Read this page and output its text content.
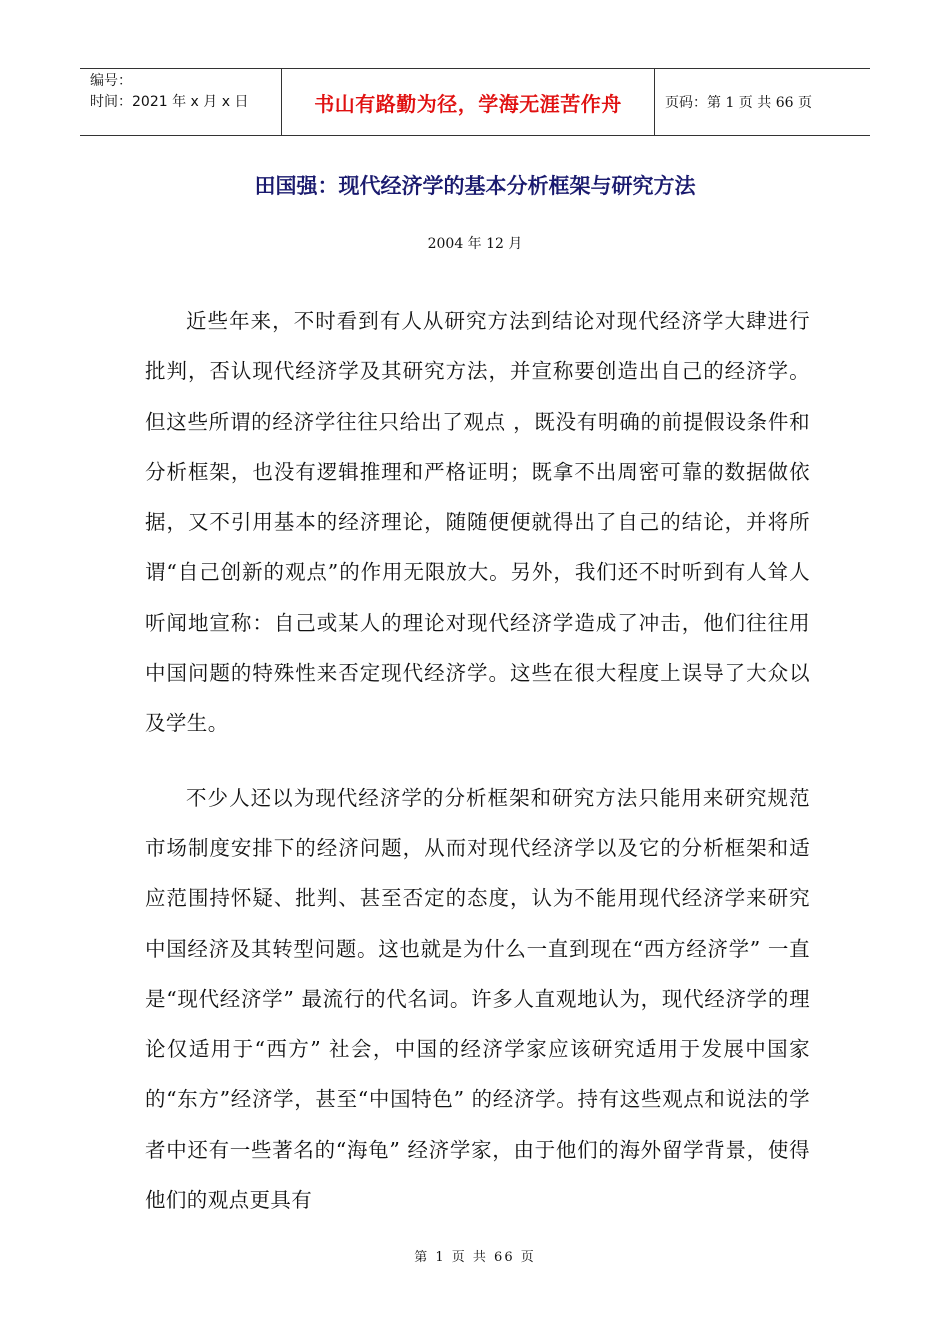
编号：
时间：2021 年 x 月 x 日	书山有路勤为径，学海无涯苦作舟	页码：第 1 页 共 66 页
田国强：现代经济学的基本分析框架与研究方法
2004 年 12 月

近些年来，不时看到有人从研究方法到结论对现代经济学大肆进行批判，否认现代经济学及其研究方法，并宣称要创造出自己的经济学。但这些所谓的经济学往往只给出了观点 ，既没有明确的前提假设条件和分析框架，也没有逻辑推理和严格证明；既拿不出周密可靠的数据做依据，又不引用基本的经济理论，随随便便就得出了自己的结论，并将所谓“自己创新的观点”的作用无限放大。另外，我们还不时听到有人耸人听闻地宣称：自己或某人的理论对现代经济学造成了冲击，他们往往用中国问题的特殊性来否定现代经济学。这些在很大程度上误导了大众以及学生。

不少人还以为现代经济学的分析框架和研究方法只能用来研究规范市场制度安排下的经济问题，从而对现代经济学以及它的分析框架和适应范围持怀疑、批判、甚至否定的态度，认为不能用现代经济学来研究中国经济及其转型问题。这也就是为什么一直到现在“西方经济学” 一直是“现代经济学” 最流行的代名词。许多人直观地认为，现代经济学的理论仅适用于“西方” 社会，中国的经济学家应该研究适用于发展中国家的“东方”经济学，甚至“中国特色” 的经济学。持有这些观点和说法的学者中还有一些著名的“海龟” 经济学家，由于他们的海外留学背景，使得他们的观点更具有

第 1 页 共 66 页
